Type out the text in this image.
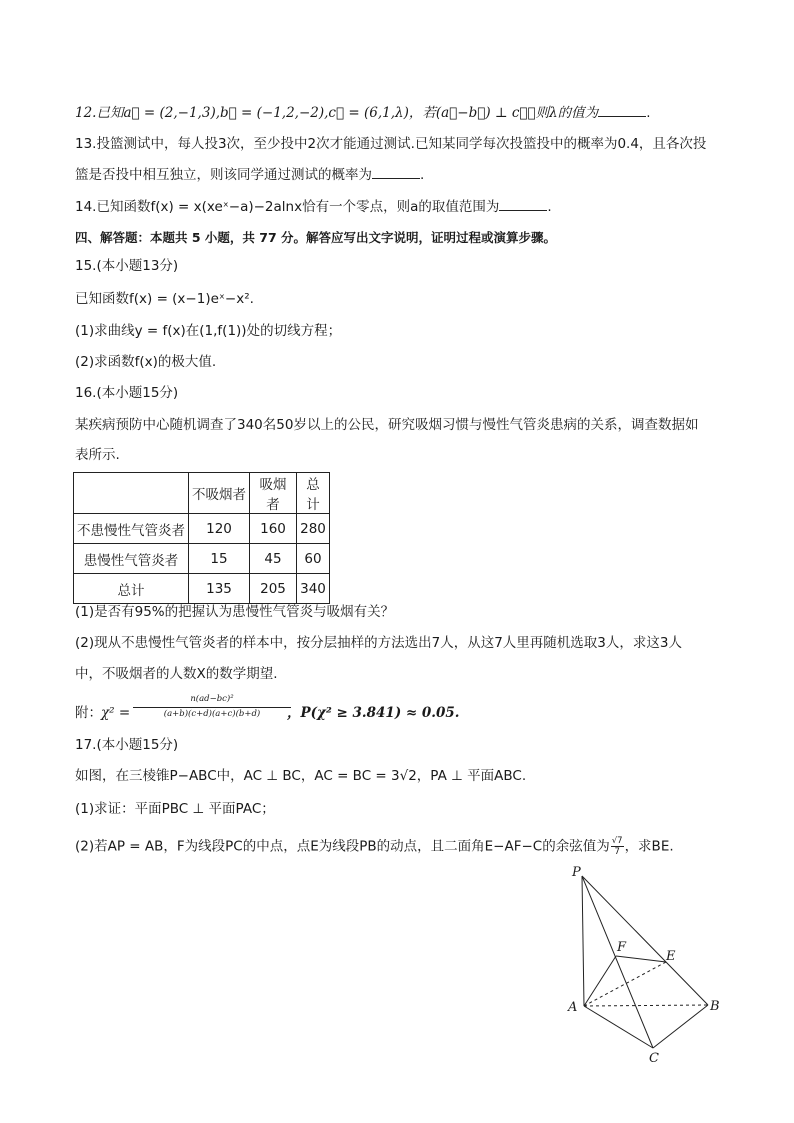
12.已知a⃗ = (2,−1,3),b⃗ = (−1,2,−2),c⃗ = (6,1,λ)，若(a⃗−b⃗) ⊥ c⃗，则λ的值为	.
13.投篮测试中，每人投3次，至少投中2次才能通过测试.已知某同学每次投篮投中的概率为0.4，且各次投
篮是否投中相互独立，则该同学通过测试的概率为	.
14.已知函数f(x) = x(xeˣ−a)−2alnx恰有一个零点，则a的取值范围为	.
四、解答题：本题共 5 小题，共 77 分。解答应写出文字说明，证明过程或演算步骤。
15.(本小题13分)
已知函数f(x) = (x−1)eˣ−x².
(1)求曲线y = f(x)在(1,f(1))处的切线方程；
(2)求函数f(x)的极大值.
16.(本小题15分)
某疾病预防中心随机调查了340名50岁以上的公民，研究吸烟习惯与慢性气管炎患病的关系，调查数据如
表所示.
	不吸烟者	吸烟者	总计
不患慢性气管炎者	120	160	280
患慢性气管炎者	15	45	60
总计	135	205	340
(1)是否有95%的把握认为患慢性气管炎与吸烟有关？
(2)现从不患慢性气管炎者的样本中，按分层抽样的方法选出7人，从这7人里再随机选取3人，求这3人
中，不吸烟者的人数X的数学期望.
附： χ² =
n(ad−bc)²
(a+b)(c+d)(a+c)(b+d)	，P(χ² ≥ 3.841) ≈ 0.05.
17.(本小题15分)
如图，在三棱锥P−ABC中，AC ⊥ BC，AC = BC = 3√2，PA ⊥ 平面ABC.
(1)求证：平面PBC ⊥ 平面PAC；
(2)若AP = AB，F为线段PC的中点，点E为线段PB的动点，且二面角E−AF−C的余弦值为 $\frac{√7}{7}$ ，求BE.
P
F
E
A	B
C
